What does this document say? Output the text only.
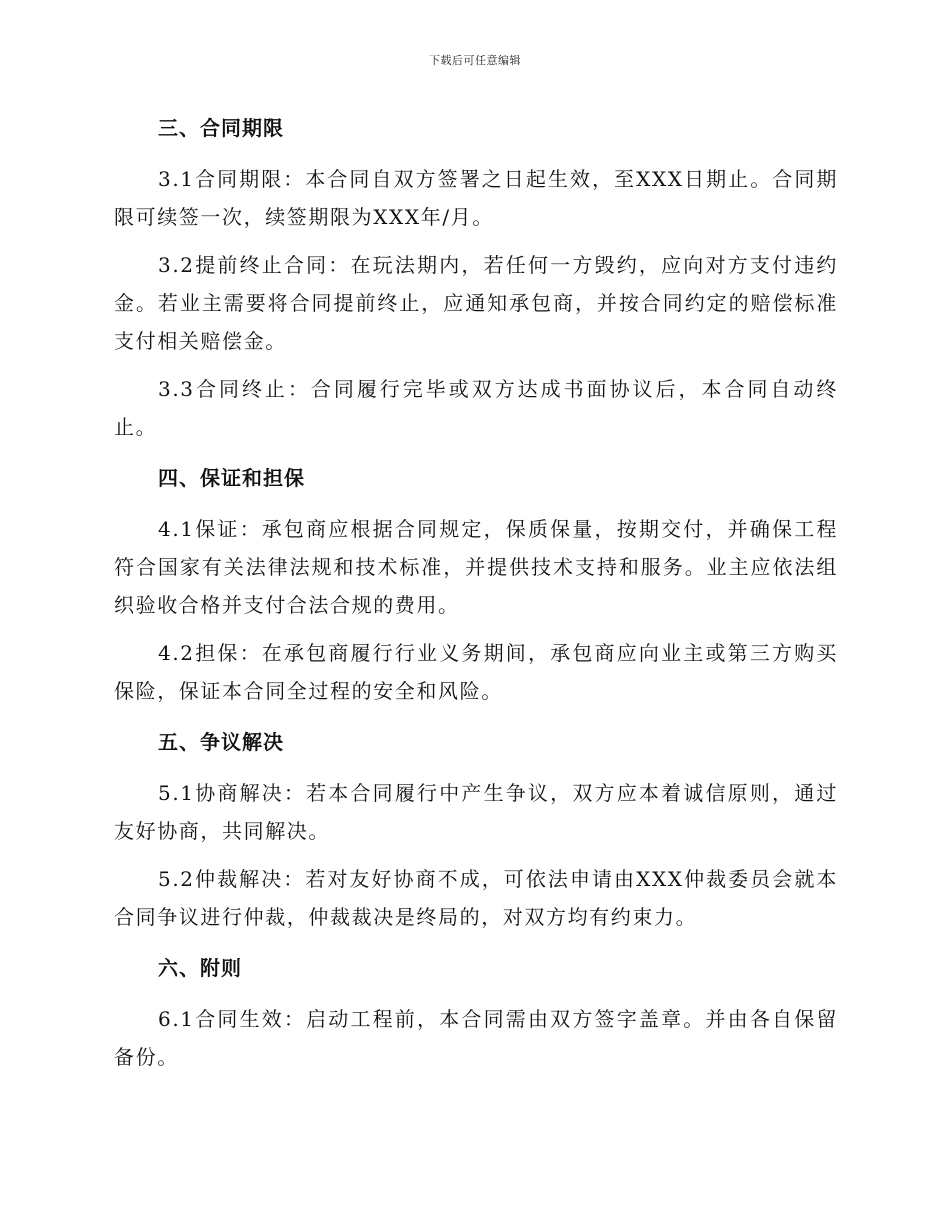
下载后可任意编辑

三、合同期限

3.1合同期限：本合同自双方签署之日起生效，至XXX日期止。合同期限可续签一次，续签期限为XXX年/月。

3.2提前终止合同：在玩法期内，若任何一方毁约，应向对方支付违约金。若业主需要将合同提前终止，应通知承包商，并按合同约定的赔偿标准支付相关赔偿金。

3.3合同终止：合同履行完毕或双方达成书面协议后，本合同自动终止。

四、保证和担保

4.1保证：承包商应根据合同规定，保质保量，按期交付，并确保工程符合国家有关法律法规和技术标准，并提供技术支持和服务。业主应依法组织验收合格并支付合法合规的费用。

4.2担保：在承包商履行行业义务期间，承包商应向业主或第三方购买保险，保证本合同全过程的安全和风险。

五、争议解决

5.1协商解决：若本合同履行中产生争议，双方应本着诚信原则，通过友好协商，共同解决。

5.2仲裁解决：若对友好协商不成，可依法申请由XXX仲裁委员会就本合同争议进行仲裁，仲裁裁决是终局的，对双方均有约束力。

六、附则

6.1合同生效：启动工程前，本合同需由双方签字盖章。并由各自保留备份。
